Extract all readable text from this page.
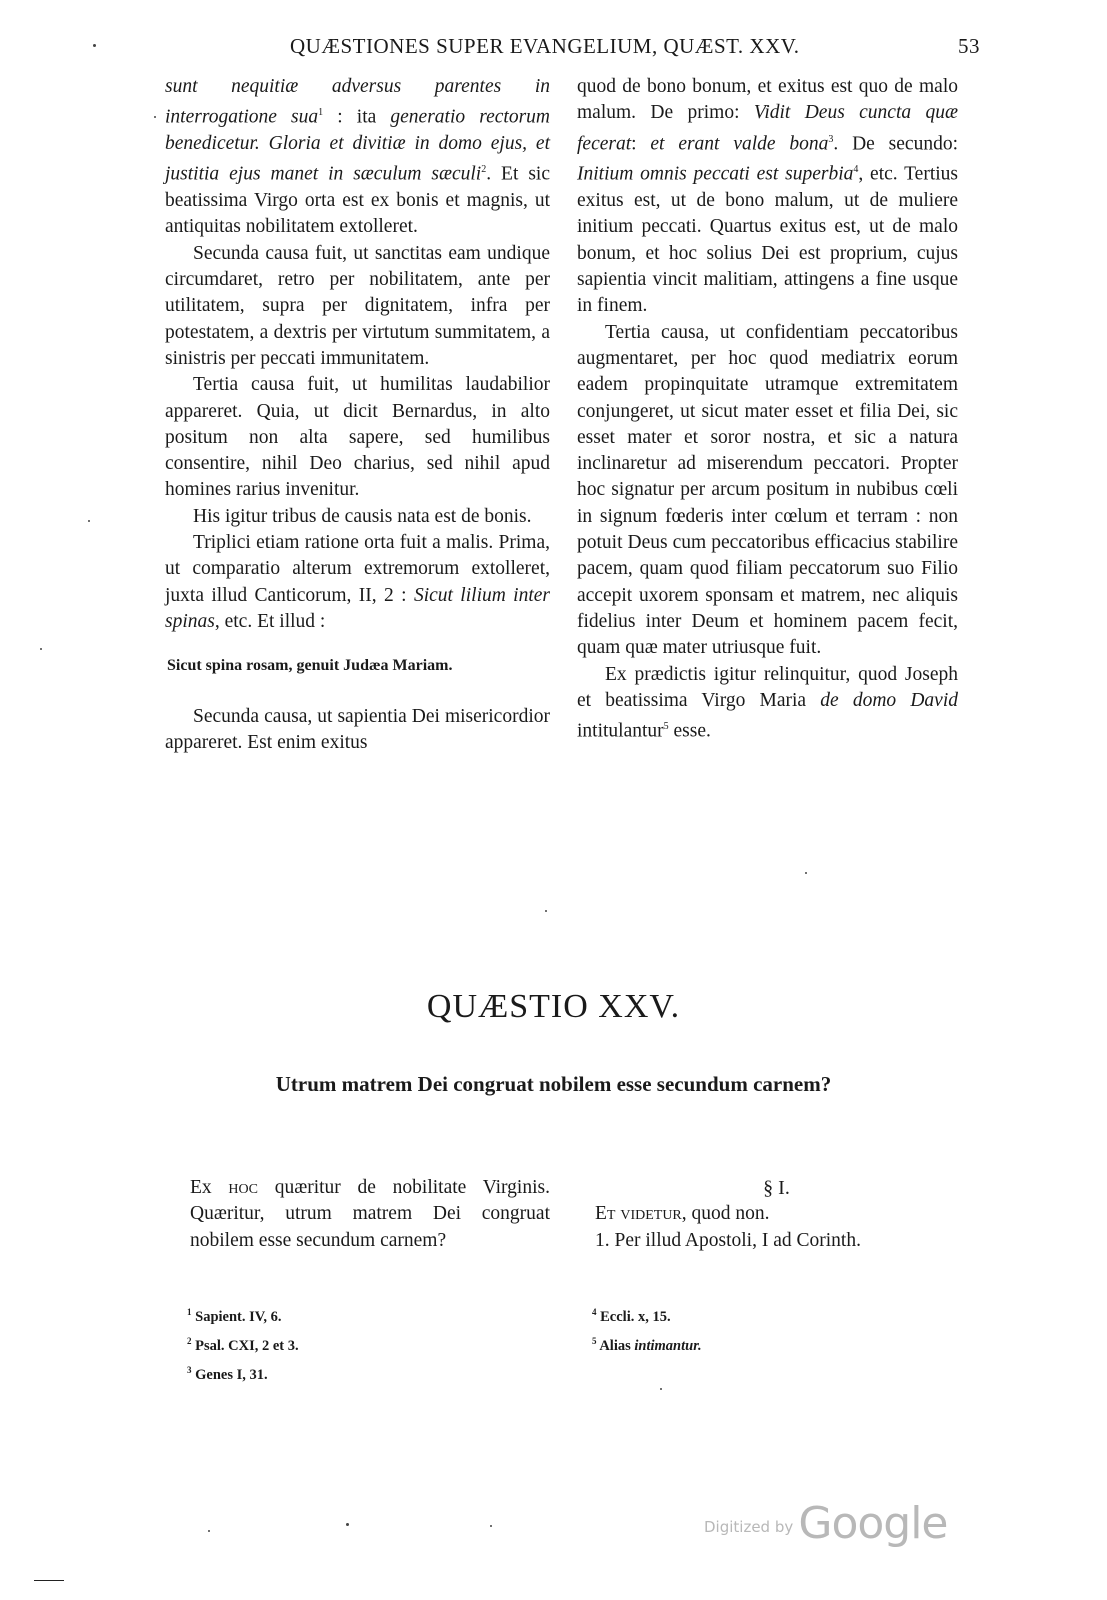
QUÆSTIONES SUPER EVANGELIUM, QUÆST. XXV.	53

sunt nequitiæ adversus parentes in interrogatione sua$^1$ : ita generatio rectorum benedicetur. Gloria et divitiæ in domo ejus, et justitia ejus manet in sæculum sæculi$^2$. Et sic beatissima Virgo orta est ex bonis et magnis, ut antiquitas nobilitatem extolleret.

Secunda causa fuit, ut sanctitas eam undique circumdaret, retro per nobilitatem, ante per utilitatem, supra per dignitatem, infra per potestatem, a dextris per virtutum summitatem, a sinistris per peccati immunitatem.

Tertia causa fuit, ut humilitas laudabilior appareret. Quia, ut dicit Bernardus, in alto positum non alta sapere, sed humilibus consentire, nihil Deo charius, sed nihil apud homines rarius invenitur.

His igitur tribus de causis nata est de bonis.

Triplici etiam ratione orta fuit a malis. Prima, ut comparatio alterum extremorum extolleret, juxta illud Canticorum, II, 2 : Sicut lilium inter spinas, etc. Et illud :

Sicut spina rosam, genuit Judæa Mariam.

Secunda causa, ut sapientia Dei misericordior appareret. Est enim exitus

quod de bono bonum, et exitus est quo de malo malum. De primo: Vidit Deus cuncta quæ fecerat: et erant valde bona$^3$. De secundo: Initium omnis peccati est superbia$^4$, etc. Tertius exitus est, ut de bono malum, ut de muliere initium peccati. Quartus exitus est, ut de malo bonum, et hoc solius Dei est proprium, cujus sapientia vincit malitiam, attingens a fine usque in finem.

Tertia causa, ut confidentiam peccatoribus augmentaret, per hoc quod mediatrix eorum eadem propinquitate utramque extremitatem conjungeret, ut sicut mater esset et filia Dei, sic esset mater et soror nostra, et sic a natura inclinaretur ad miserendum peccatori. Propter hoc signatur per arcum positum in nubibus cœli in signum fœderis inter cœlum et terram : non potuit Deus cum peccatoribus efficacius stabilire pacem, quam quod filiam peccatorum suo Filio accepit uxorem sponsam et matrem, nec aliquis fidelius inter Deum et hominem pacem fecit, quam quæ mater utriusque fuit.

Ex prædictis igitur relinquitur, quod Joseph et beatissima Virgo Maria de domo David intitulantur$^5$ esse.

QUÆSTIO XXV.
Utrum matrem Dei congruat nobilem esse secundum carnem?

Ex hoc quæritur de nobilitate Virginis. Quæritur, utrum matrem Dei congruat nobilem esse secundum carnem?

§ I.

Et videtur, quod non.

1. Per illud Apostoli, I ad Corinth.

$^1$ Sapient. IV, 6.
$^2$ Psal. CXI, 2 et 3.
$^3$ Genes I, 31.
$^4$ Eccli. x, 15.
$^5$ Alias intimantur.
Digitized by Google
